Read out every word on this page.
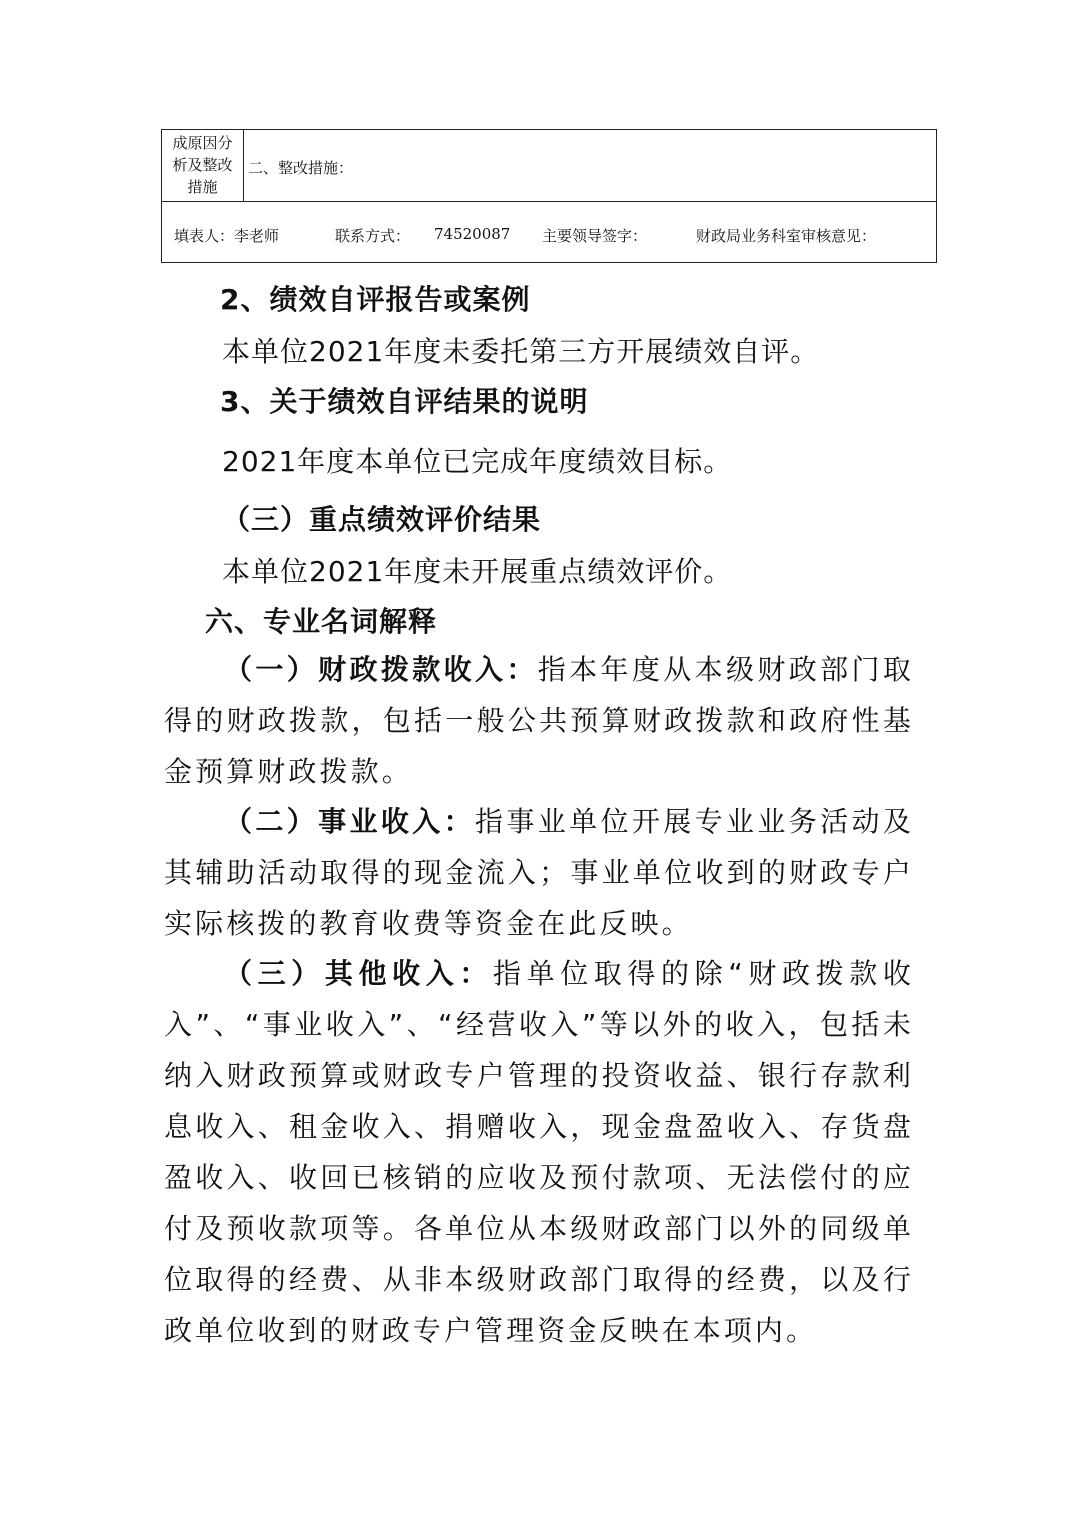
成原因分
析及整改
措施
二、整改措施：
填表人：李老师	联系方式： 74520087 主要领导签字：	财政局业务科室审核意见：
2、绩效自评报告或案例
本单位2021年度未委托第三方开展绩效自评。
3、关于绩效自评结果的说明
2021年度本单位已完成年度绩效目标。
（三）重点绩效评价结果
本单位2021年度未开展重点绩效评价。
六、专业名词解释
（一）财政拨款收入：指本年度从本级财政部门取得的财政拨款，包括一般公共预算财政拨款和政府性基金预算财政拨款。
（二）事业收入：指事业单位开展专业业务活动及其辅助活动取得的现金流入；事业单位收到的财政专户实际核拨的教育收费等资金在此反映。
（三）其他收入：指单位取得的除“财政拨款收入”、“事业收入”、“经营收入”等以外的收入，包括未纳入财政预算或财政专户管理的投资收益、银行存款利息收入、租金收入、捐赠收入，现金盘盈收入、存货盘盈收入、收回已核销的应收及预付款项、无法偿付的应付及预收款项等。各单位从本级财政部门以外的同级单位取得的经费、从非本级财政部门取得的经费，以及行政单位收到的财政专户管理资金反映在本项内。
